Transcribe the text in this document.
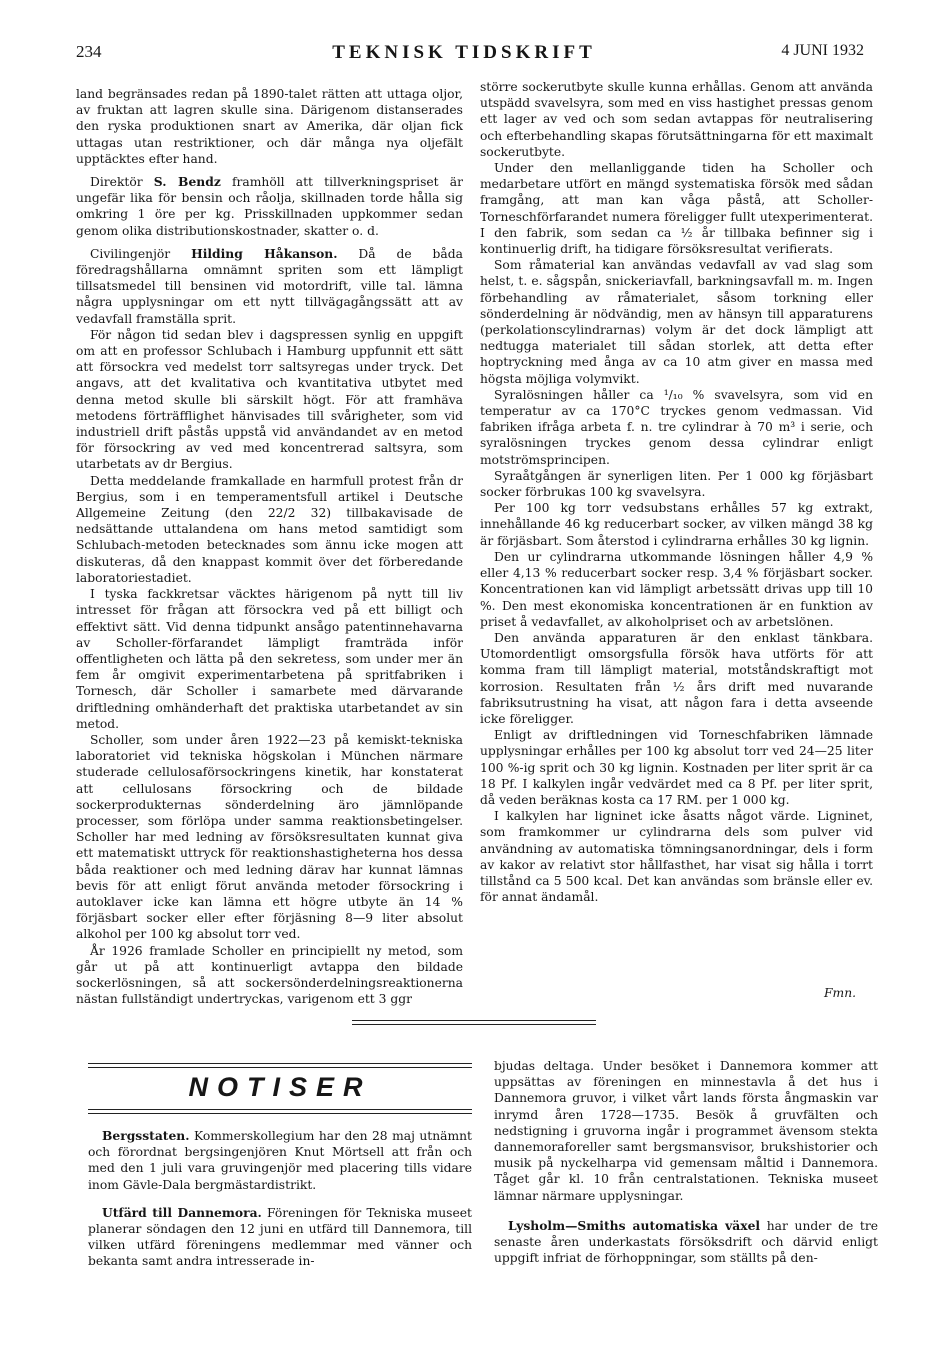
234	TEKNISK TIDSKRIFT	4 JUNI 1932

land begränsades redan på 1890-talet rätten att uttaga oljor, av fruktan att lagren skulle sina. Därigenom distanserades den ryska produktionen snart av Amerika, där oljan fick uttagas utan restriktioner, och där många nya oljefält upptäcktes efter hand.

Direktör S. Bendz framhöll att tillverkningspriset är ungefär lika för bensin och råolja, skillnaden torde hålla sig omkring 1 öre per kg. Prisskillnaden uppkommer sedan genom olika distributionskostnader, skatter o. d.

Civilingenjör Hilding Håkanson. Då de båda föredragshållarna omnämnt spriten som ett lämpligt tillsatsmedel till bensinen vid motordrift, ville tal. lämna några upplysningar om ett nytt tillvägagångssätt att av vedavfall framställa sprit.

För någon tid sedan blev i dagspressen synlig en uppgift om att en professor Schlubach i Hamburg uppfunnit ett sätt att försockra ved medelst torr saltsyregas under tryck. Det angavs, att det kvalitativa och kvantitativa utbytet med denna metod skulle bli särskilt högt. För att framhäva metodens förträfflighet hänvisades till svårigheter, som vid industriell drift påstås uppstå vid användandet av en metod för försockring av ved med koncentrerad saltsyra, som utarbetats av dr Bergius.

Detta meddelande framkallade en harmfull protest från dr Bergius, som i en temperamentsfull artikel i Deutsche Allgemeine Zeitung (den 22/2 32) tillbakavisade de nedsättande uttalandena om hans metod samtidigt som Schlubach-metoden betecknades som ännu icke mogen att diskuteras, då den knappast kommit över det förberedande laboratoriestadiet.

I tyska fackkretsar väcktes härigenom på nytt till liv intresset för frågan att försockra ved på ett billigt och effektivt sätt. Vid denna tidpunkt ansågo patentinnehavarna av Scholler-förfarandet lämpligt framträda inför offentligheten och lätta på den sekretess, som under mer än fem år omgivit experimentarbetena på spritfabriken i Tornesch, där Scholler i samarbete med därvarande driftledning omhänderhaft det praktiska utarbetandet av sin metod.

Scholler, som under åren 1922—23 på kemiskt-tekniska laboratoriet vid tekniska högskolan i München närmare studerade cellulosaförsockringens kinetik, har konstaterat att cellulosans försockring och de bildade sockerprodukternas sönderdelning äro jämnlöpande processer, som förlöpa under samma reaktionsbetingelser. Scholler har med ledning av försöksresultaten kunnat giva ett matematiskt uttryck för reaktionshastigheterna hos dessa båda reaktioner och med ledning därav har kunnat lämnas bevis för att enligt förut använda metoder försockring i autoklaver icke kan lämna ett högre utbyte än 14 % förjäsbart socker eller efter förjäsning 8—9 liter absolut alkohol per 100 kg absolut torr ved.

År 1926 framlade Scholler en principiellt ny metod, som går ut på att kontinuerligt avtappa den bildade sockerlösningen, så att sockersönderdelningsreaktionerna nästan fullständigt undertryckas, varigenom ett 3 ggr

större sockerutbyte skulle kunna erhållas. Genom att använda utspädd svavelsyra, som med en viss hastighet pressas genom ett lager av ved och som sedan avtappas för neutralisering och efterbehandling skapas förutsättningarna för ett maximalt sockerutbyte.

Under den mellanliggande tiden ha Scholler och medarbetare utfört en mängd systematiska försök med sådan framgång, att man kan våga påstå, att Scholler-Torneschförfarandet numera föreligger fullt utexperimenterat. I den fabrik, som sedan ca ½ år tillbaka befinner sig i kontinuerlig drift, ha tidigare försöksresultat verifierats.

Som råmaterial kan användas vedavfall av vad slag som helst, t. e. sågspån, snickeriavfall, barkningsavfall m. m. Ingen förbehandling av råmaterialet, såsom torkning eller sönderdelning är nödvändig, men av hänsyn till apparaturens (perkolationscylindrarnas) volym är det dock lämpligt att nedtugga materialet till sådan storlek, att detta efter hoptryckning med ånga av ca 10 atm giver en massa med högsta möjliga volymvikt.

Syralösningen håller ca ¹/₁₀ % svavelsyra, som vid en temperatur av ca 170°C tryckes genom vedmassan. Vid fabriken ifråga arbeta f. n. tre cylindrar à 70 m³ i serie, och syralösningen tryckes genom dessa cylindrar enligt motströmsprincipen.

Syraåtgången är synerligen liten. Per 1 000 kg förjäsbart socker förbrukas 100 kg svavelsyra.

Per 100 kg torr vedsubstans erhålles 57 kg extrakt, innehållande 46 kg reducerbart socker, av vilken mängd 38 kg är förjäsbart. Som återstod i cylindrarna erhålles 30 kg lignin.

Den ur cylindrarna utkommande lösningen håller 4,9 % eller 4,13 % reducerbart socker resp. 3,4 % förjäsbart socker. Koncentrationen kan vid lämpligt arbetssätt drivas upp till 10 %. Den mest ekonomiska koncentrationen är en funktion av priset å vedavfallet, av alkoholpriset och av arbetslönen.

Den använda apparaturen är den enklast tänkbara. Utomordentligt omsorgsfulla försök hava utförts för att komma fram till lämpligt material, motståndskraftigt mot korrosion. Resultaten från ½ års drift med nuvarande fabriksutrustning ha visat, att någon fara i detta avseende icke föreligger.

Enligt av driftledningen vid Torneschfabriken lämnade upplysningar erhålles per 100 kg absolut torr ved 24—25 liter 100 %-ig sprit och 30 kg lignin. Kostnaden per liter sprit är ca 18 Pf. I kalkylen ingår vedvärdet med ca 8 Pf. per liter sprit, då veden beräknas kosta ca 17 RM. per 1 000 kg.

I kalkylen har ligninet icke åsatts något värde. Ligninet, som framkommer ur cylindrarna dels som pulver vid användning av automatiska tömningsanordningar, dels i form av kakor av relativt stor hållfasthet, har visat sig hålla i torrt tillstånd ca 5 500 kcal. Det kan användas som bränsle eller ev. för annat ändamål.

Fmn.
NOTISER

Bergsstaten. Kommerskollegium har den 28 maj utnämnt och förordnat bergsingenjören Knut Mörtsell att från och med den 1 juli vara gruvingenjör med placering tills vidare inom Gävle-Dala bergmästardistrikt.

Utfärd till Dannemora. Föreningen för Tekniska museet planerar söndagen den 12 juni en utfärd till Dannemora, till vilken utfärd föreningens medlemmar med vänner och bekanta samt andra intresserade in-

bjudas deltaga. Under besöket i Dannemora kommer att uppsättas av föreningen en minnestavla å det hus i Dannemora gruvor, i vilket vårt lands första ångmaskin var inrymd åren 1728—1735. Besök å gruvfälten och nedstigning i gruvorna ingår i programmet ävensom stekta dannemoraforeller samt bergsmansvisor, brukshistorier och musik på nyckelharpa vid gemensam måltid i Dannemora. Tåget går kl. 10 från centralstationen. Tekniska museet lämnar närmare upplysningar.

Lysholm—Smiths automatiska växel har under de tre senaste åren underkastats försöksdrift och därvid enligt uppgift infriat de förhoppningar, som ställts på den-
